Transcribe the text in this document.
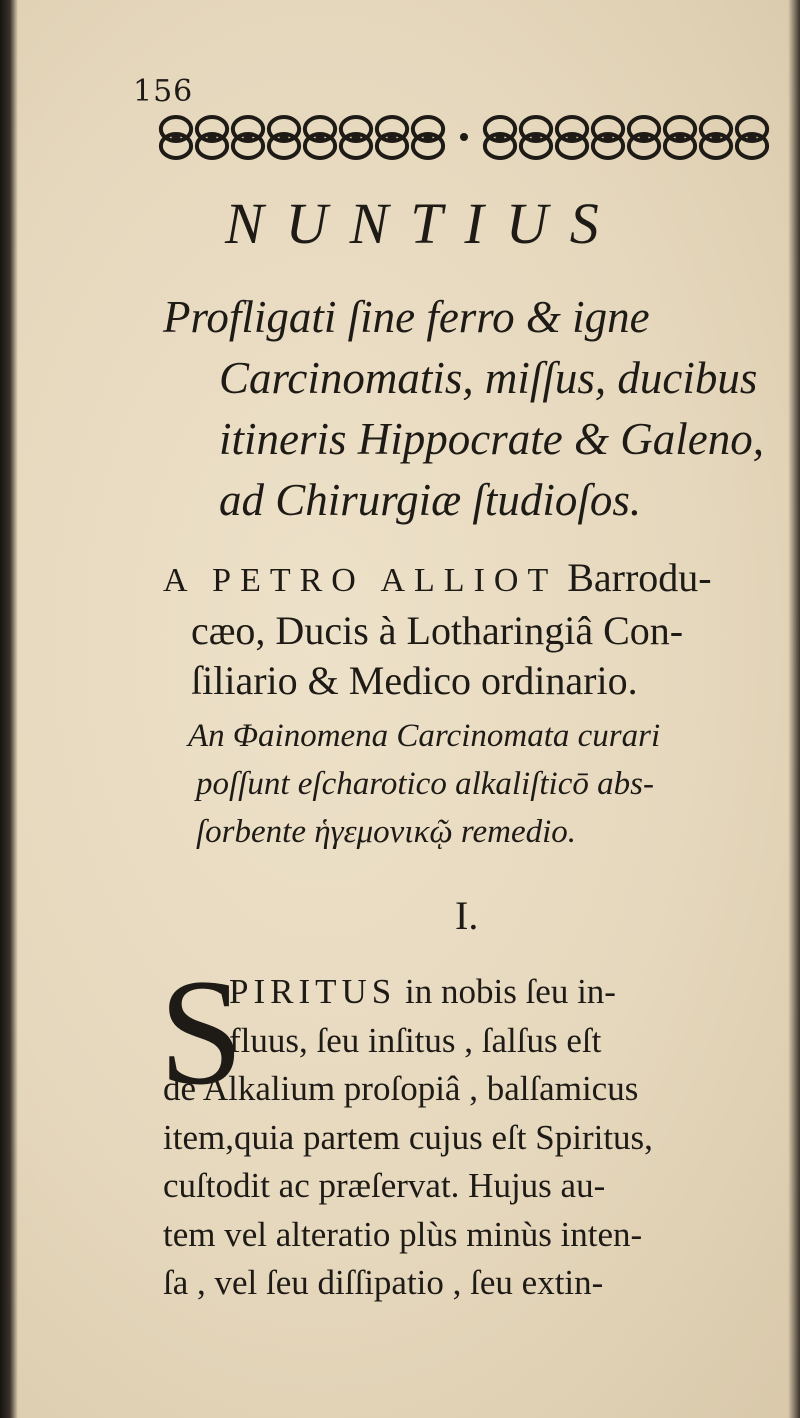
156
NUNTIUS
Profligati ſine ferro & igne
Carcinomatis, miſſus, ducibus
itineris Hippocrate & Galeno,
ad Chirurgiæ ſtudioſos.
A PETRO ALLIOT Barrodu-
cæo, Ducis à Lotharingiâ Con-
ſiliario & Medico ordinario.
An Φainomena Carcinomata curari
poſſunt eſcharotico alkaliſticō abs-
ſorbente ἡγεμονικῷ remedio.
I.
S
PIRITUS in nobis ſeu in-
fluus, ſeu inſitus , ſalſus eſt
de Alkalium proſopiâ , balſamicus
item,quia partem cujus eſt Spiritus,
cuſtodit ac præſervat. Hujus au-
tem vel alteratio plùs minùs inten-
ſa , vel ſeu diſſipatio , ſeu extin-
